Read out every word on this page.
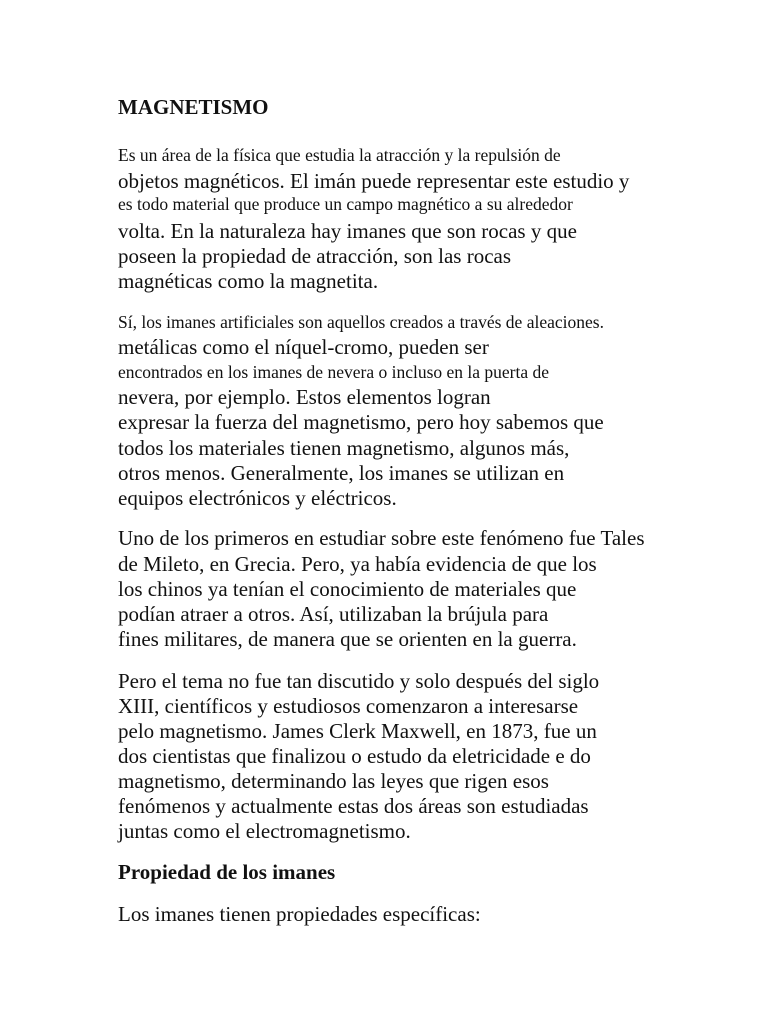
MAGNETISMO
Es un área de la física que estudia la atracción y la repulsión de
objetos magnéticos. El imán puede representar este estudio y
es todo material que produce un campo magnético a su alrededor
volta. En la naturaleza hay imanes que son rocas y que
poseen la propiedad de atracción, son las rocas
magnéticas como la magnetita.
Sí, los imanes artificiales son aquellos creados a través de aleaciones.
metálicas como el níquel-cromo, pueden ser
encontrados en los imanes de nevera o incluso en la puerta de
nevera, por ejemplo. Estos elementos logran
expresar la fuerza del magnetismo, pero hoy sabemos que
todos los materiales tienen magnetismo, algunos más,
otros menos. Generalmente, los imanes se utilizan en
equipos electrónicos y eléctricos.
Uno de los primeros en estudiar sobre este fenómeno fue Tales
de Mileto, en Grecia. Pero, ya había evidencia de que los
los chinos ya tenían el conocimiento de materiales que
podían atraer a otros. Así, utilizaban la brújula para
fines militares, de manera que se orienten en la guerra.
Pero el tema no fue tan discutido y solo después del siglo
XIII, científicos y estudiosos comenzaron a interesarse
pelo magnetismo. James Clerk Maxwell, en 1873, fue un
dos cientistas que finalizou o estudo da eletricidade e do
magnetismo, determinando las leyes que rigen esos
fenómenos y actualmente estas dos áreas son estudiadas
juntas como el electromagnetismo.
Propiedad de los imanes
Los imanes tienen propiedades específicas:
